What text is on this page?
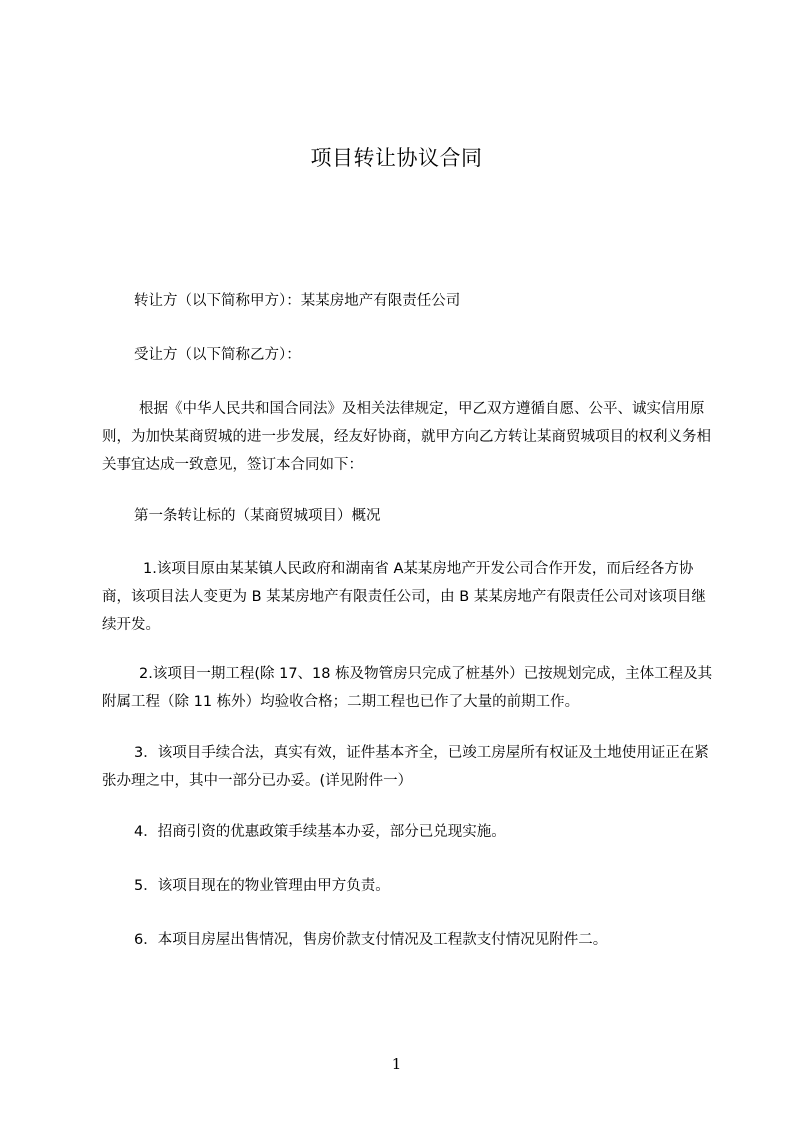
项目转让协议合同

转让方（以下简称甲方）：某某房地产有限责任公司

受让方（以下简称乙方）：

根据《中华人民共和国合同法》及相关法律规定，甲乙双方遵循自愿、公平、诚实信用原则，为加快某商贸城的进一步发展，经友好协商，就甲方向乙方转让某商贸城项目的权利义务相关事宜达成一致意见，签订本合同如下：

第一条转让标的（某商贸城项目）概况

1.该项目原由某某镇人民政府和湖南省 A某某房地产开发公司合作开发，而后经各方协商，该项目法人变更为 B 某某房地产有限责任公司，由 B 某某房地产有限责任公司对该项目继续开发。

2.该项目一期工程(除 17、18 栋及物管房只完成了桩基外）已按规划完成，主体工程及其附属工程（除 11 栋外）均验收合格；二期工程也已作了大量的前期工作。

3．该项目手续合法，真实有效，证件基本齐全，已竣工房屋所有权证及土地使用证正在紧张办理之中，其中一部分已办妥。(详见附件一）

4．招商引资的优惠政策手续基本办妥，部分已兑现实施。

5．该项目现在的物业管理由甲方负责。

6．本项目房屋出售情况，售房价款支付情况及工程款支付情况见附件二。

1
